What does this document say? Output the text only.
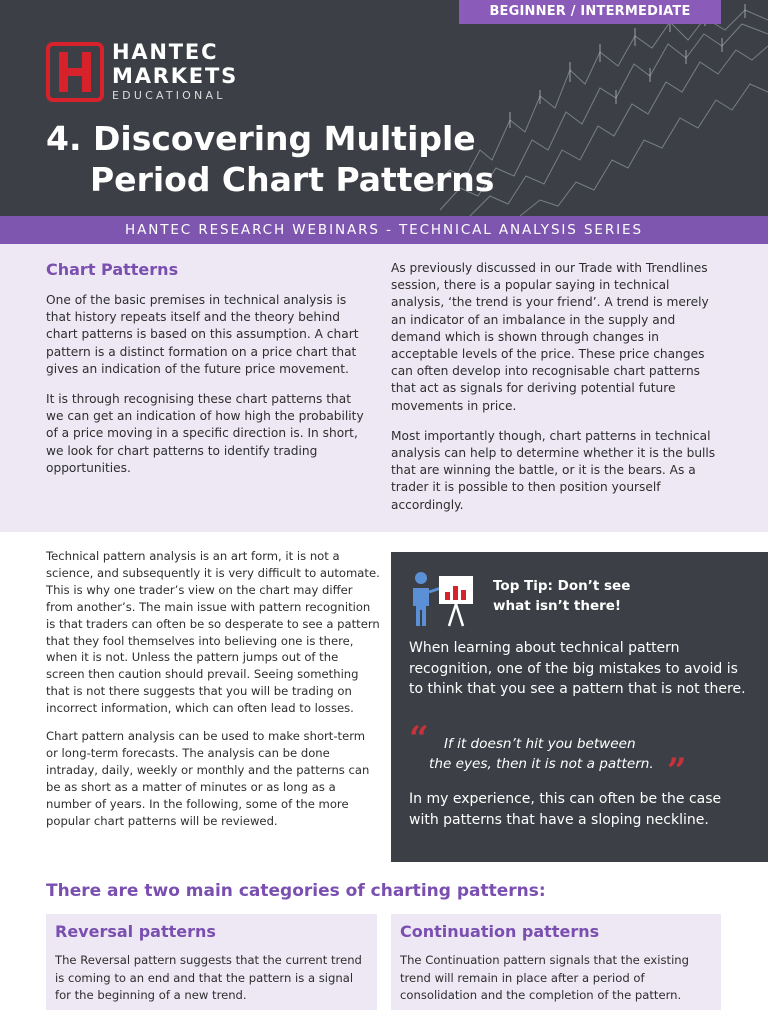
BEGINNER / INTERMEDIATE
HANTEC
MARKETS
EDUCATIONAL
4. Discovering Multiple
Period Chart Patterns
HANTEC RESEARCH WEBINARS - TECHNICAL ANALYSIS SERIES
Chart Patterns

One of the basic premises in technical analysis is that history repeats itself and the theory behind chart patterns is based on this assumption. A chart pattern is a distinct formation on a price chart that gives an indication of the future price movement.

It is through recognising these chart patterns that we can get an indication of how high the probability of a price moving in a specific direction is. In short, we look for chart patterns to identify trading opportunities.

As previously discussed in our Trade with Trendlines session, there is a popular saying in technical analysis, ‘the trend is your friend’. A trend is merely an indicator of an imbalance in the supply and demand which is shown through changes in acceptable levels of the price. These price changes can often develop into recognisable chart patterns that act as signals for deriving potential future movements in price.

Most importantly though, chart patterns in technical analysis can help to determine whether it is the bulls that are winning the battle, or it is the bears. As a trader it is possible to then position yourself accordingly.

Technical pattern analysis is an art form, it is not a science, and subsequently it is very difficult to automate. This is why one trader’s view on the chart may differ from another’s. The main issue with pattern recognition is that traders can often be so desperate to see a pattern that they fool themselves into believing one is there, when it is not. Unless the pattern jumps out of the screen then caution should prevail. Seeing something that is not there suggests that you will be trading on incorrect information, which can often lead to losses.

Chart pattern analysis can be used to make short-term or long-term forecasts. The analysis can be done intraday, daily, weekly or monthly and the patterns can be as short as a matter of minutes or as long as a number of years. In the following, some of the more popular chart patterns will be reviewed.

Top Tip: Don’t see
what isn’t there!
When learning about technical pattern recognition, one of the big mistakes to avoid is to think that you see a pattern that is not there.
“	If it doesn’t hit you between
the eyes, then it is not a pattern. ”
In my experience, this can often be the case with patterns that have a sloping neckline.
There are two main categories of charting patterns:
Reversal patterns
The Reversal pattern suggests that the current trend is coming to an end and that the pattern is a signal for the beginning of a new trend.
Continuation patterns
The Continuation pattern signals that the existing trend will remain in place after a period of consolidation and the completion of the pattern.
